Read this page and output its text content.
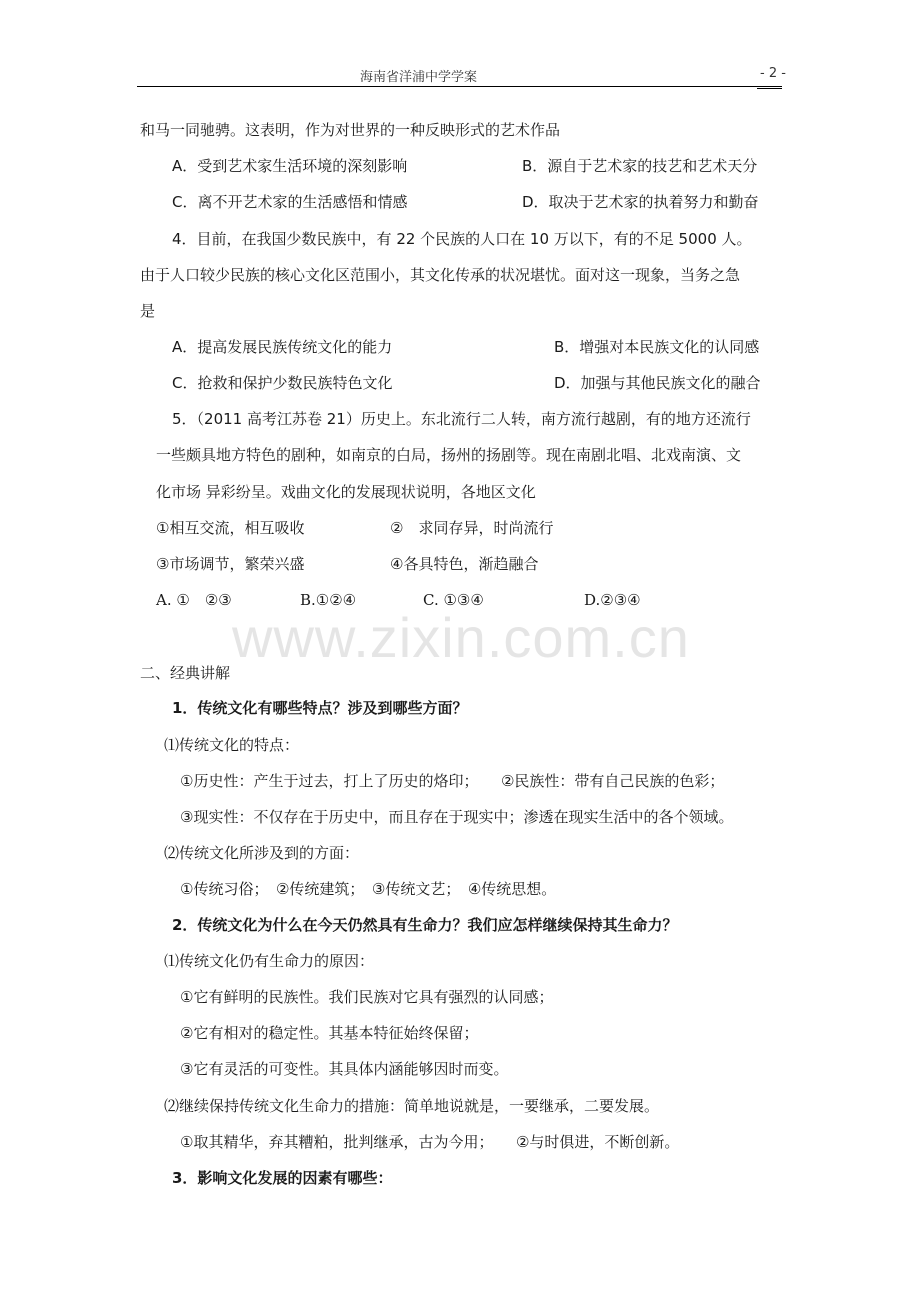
海南省洋浦中学学案	- 2 -
和马一同驰骋。这表明，作为对世界的一种反映形式的艺术作品
A．受到艺术家生活环境的深刻影响	B．源自于艺术家的技艺和艺术天分
C．离不开艺术家的生活感悟和情感	D．取决于艺术家的执着努力和勤奋
4．目前，在我国少数民族中，有 22 个民族的人口在 10 万以下，有的不足 5000 人。
由于人口较少民族的核心文化区范围小，其文化传承的状况堪忧。面对这一现象，当务之急
是
A．提高发展民族传统文化的能力	B．增强对本民族文化的认同感
C．抢救和保护少数民族特色文化	D．加强与其他民族文化的融合
5．（2011 高考江苏卷 21）历史上。东北流行二人转，南方流行越剧，有的地方还流行
一些颇具地方特色的剧种，如南京的白局，扬州的扬剧等。现在南剧北唱、北戏南演、文
化市场 异彩纷呈。戏曲文化的发展现状说明，各地区文化
①相互交流，相互吸收	②　求同存异，时尚流行
③市场调节，繁荣兴盛	④各具特色，渐趋融合
A. ①　②③	B.①②④	C. ①③④	D.②③④
www.zixin.com.cn
二、经典讲解
1．传统文化有哪些特点？涉及到哪些方面？
⑴传统文化的特点：
①历史性：产生于过去，打上了历史的烙印；　　②民族性：带有自己民族的色彩；
③现实性：不仅存在于历史中，而且存在于现实中；渗透在现实生活中的各个领域。
⑵传统文化所涉及到的方面：
①传统习俗；　②传统建筑；　③传统文艺；　④传统思想。
2．传统文化为什么在今天仍然具有生命力？我们应怎样继续保持其生命力？
⑴传统文化仍有生命力的原因：
①它有鲜明的民族性。我们民族对它具有强烈的认同感；
②它有相对的稳定性。其基本特征始终保留；
③它有灵活的可变性。其具体内涵能够因时而变。
⑵继续保持传统文化生命力的措施：简单地说就是，一要继承，二要发展。
①取其精华，弃其糟粕，批判继承，古为今用；　　②与时俱进，不断创新。
3．影响文化发展的因素有哪些：
